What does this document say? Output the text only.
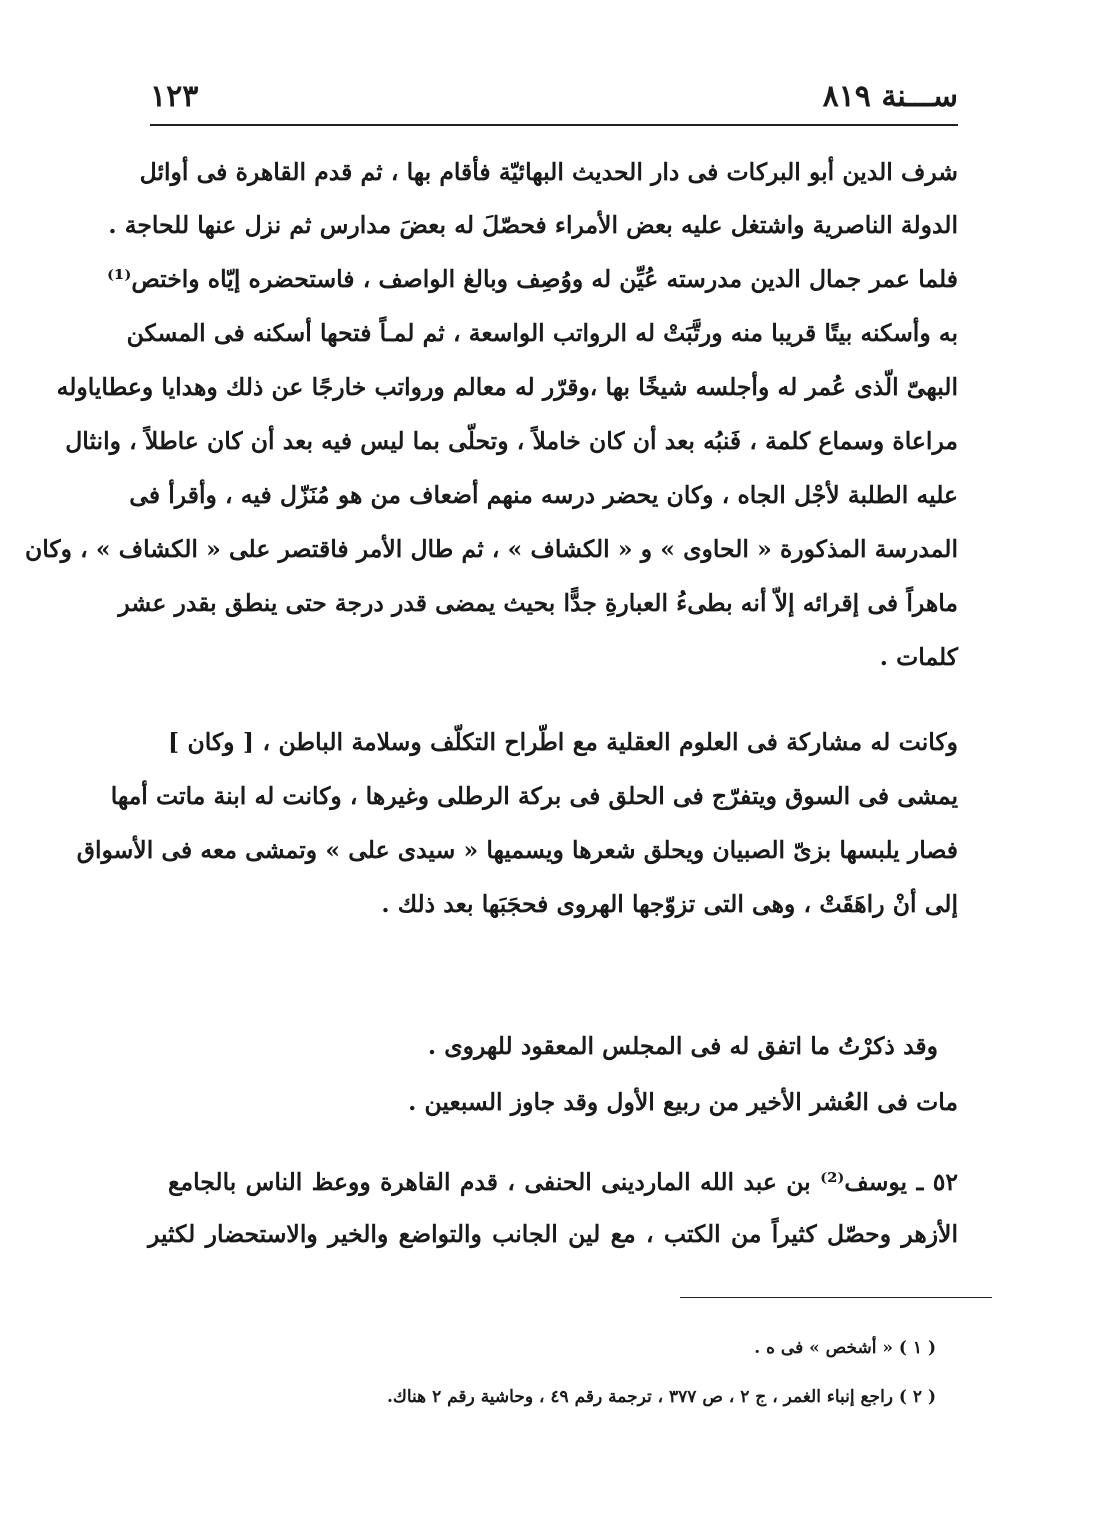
ســـنة ٨١٩
١٢٣
شرف الدين أبو البركات فى دار الحديث البهائيّة فأقام بها ، ثم قدم القاهرة فى أوائل
الدولة الناصرية واشتغل عليه بعض الأمراء فحصّلَ له بعضَ مدارس ثم نزل عنها للحاجة .
فلما عمر جمال الدين مدرسته عُيِّن له ووُصِف وبالغ الواصف ، فاستحضره إيّاه واختص⁽¹⁾
به وأسكنه بيتًا قريبا منه ورتَّبَتْ له الرواتب الواسعة ، ثم لمـاً فتحها أسكنه فى المسكن
البهىّ الّذى عُمر له وأجلسه شيخًا بها ،وقرّر له معالم ورواتب خارجًا عن ذلك وهدايا وعطاياوله
مراعاة وسماع كلمة ، فَنبُه بعد أن كان خاملاً ، وتحلّى بما ليس فيه بعد أن كان عاطلاً ، وانثال
عليه الطلبة لأجْل الجاه ، وكان يحضر درسه منهم أضعاف من هو مُنَزّل فيه ، وأقرأ فى
المدرسة المذكورة « الحاوى » و « الكشاف » ، ثم طال الأمر فاقتصر على « الكشاف » ، وكان
ماهراً فى إقرائه إلاّ أنه بطىءُ العبارةِ جدًّا بحيث يمضى قدر درجة حتى ينطق بقدر عشر
كلمات .
وكانت له مشاركة فى العلوم العقلية مع اطّراح التكلّف وسلامة الباطن ، [ وكان ]
يمشى فى السوق ويتفرّج فى الحلق فى بركة الرطلى وغيرها ، وكانت له ابنة ماتت أمها
فصار يلبسها بزىّ الصبيان ويحلق شعرها ويسميها « سيدى على » وتمشى معه فى الأسواق
إلى أنْ راهَقَتْ ، وهى التى تزوّجها الهروى فحجَبَها بعد ذلك .
وقد ذكرْتُ ما اتفق له فى المجلس المعقود للهروى .
مات فى العُشر الأخير من ربيع الأول وقد جاوز السبعين .
٥٢ ـ يوسف⁽²⁾ بن عبد الله الماردينى الحنفى ، قدم القاهرة ووعظ الناس بالجامع
الأزهر وحصّل كثيراً من الكتب ، مع لين الجانب والتواضع والخير والاستحضار لكثير
( ١ ) « أشخص » فى ه .
( ٢ ) راجع إنباء الغمر ، ج ٢ ، ص ٣٧٧ ، ترجمة رقم ٤٩ ، وحاشية رقم ٢ هناك.
